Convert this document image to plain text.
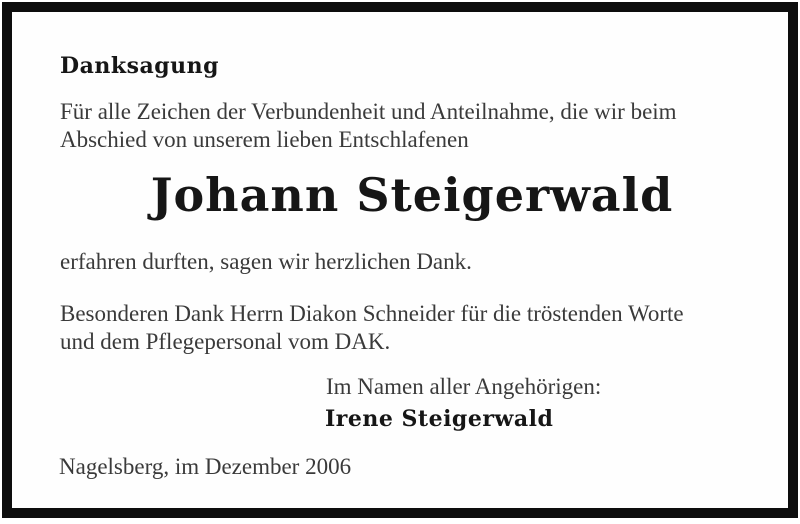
Danksagung
Für alle Zeichen der Verbundenheit und Anteilnahme, die wir beim
Abschied von unserem lieben Entschlafenen
Johann Steigerwald
erfahren durften, sagen wir herzlichen Dank.
Besonderen Dank Herrn Diakon Schneider für die tröstenden Worte
und dem Pflegepersonal vom DAK.
Im Namen aller Angehörigen:
Irene Steigerwald
Nagelsberg, im Dezember 2006
